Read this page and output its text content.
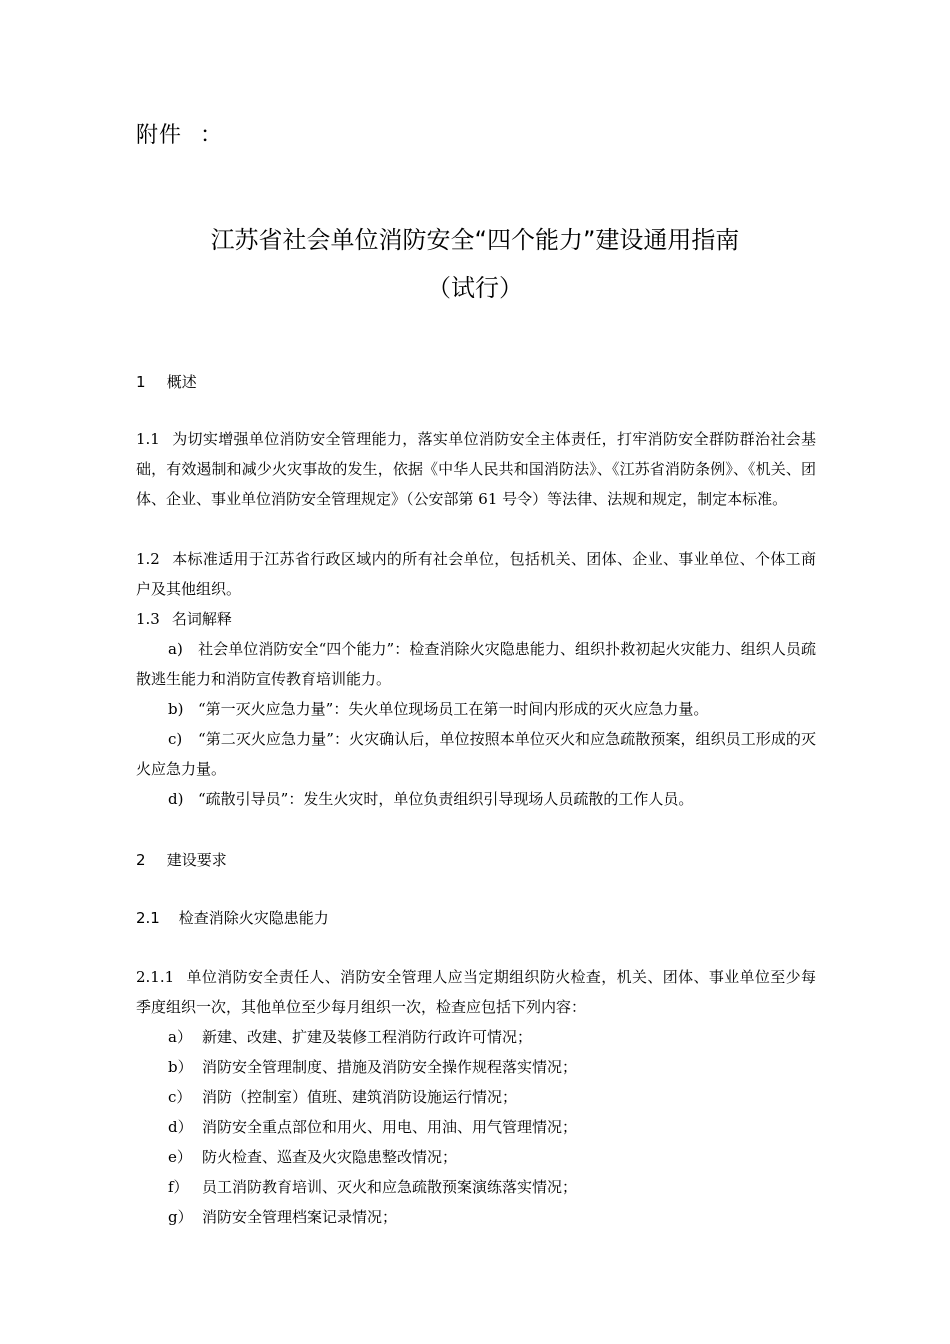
附件 ：
江苏省社会单位消防安全“四个能力”建设通用指南
（试行）
1 概述

1.1 为切实增强单位消防安全管理能力，落实单位消防安全主体责任，打牢消防安全群防群治社会基础，有效遏制和减少火灾事故的发生，依据《中华人民共和国消防法》、《江苏省消防条例》、《机关、团体、企业、事业单位消防安全管理规定》（公安部第 61 号令）等法律、法规和规定，制定本标准。

1.2 本标准适用于江苏省行政区域内的所有社会单位，包括机关、团体、企业、事业单位、个体工商户及其他组织。

1.3 名词解释

a) 社会单位消防安全“四个能力”：检查消除火灾隐患能力、组织扑救初起火灾能力、组织人员疏散逃生能力和消防宣传教育培训能力。

b) “第一灭火应急力量”：失火单位现场员工在第一时间内形成的灭火应急力量。

c) “第二灭火应急力量”：火灾确认后，单位按照本单位灭火和应急疏散预案，组织员工形成的灭火应急力量。

d) “疏散引导员”：发生火灾时，单位负责组织引导现场人员疏散的工作人员。

2 建设要求
2.1 检查消除火灾隐患能力

2.1.1 单位消防安全责任人、消防安全管理人应当定期组织防火检查，机关、团体、事业单位至少每季度组织一次，其他单位至少每月组织一次，检查应包括下列内容：

a） 新建、改建、扩建及装修工程消防行政许可情况；
b） 消防安全管理制度、措施及消防安全操作规程落实情况；
c） 消防（控制室）值班、建筑消防设施运行情况；
d） 消防安全重点部位和用火、用电、用油、用气管理情况；
e） 防火检查、巡查及火灾隐患整改情况；
f） 员工消防教育培训、灭火和应急疏散预案演练落实情况；
g） 消防安全管理档案记录情况；
